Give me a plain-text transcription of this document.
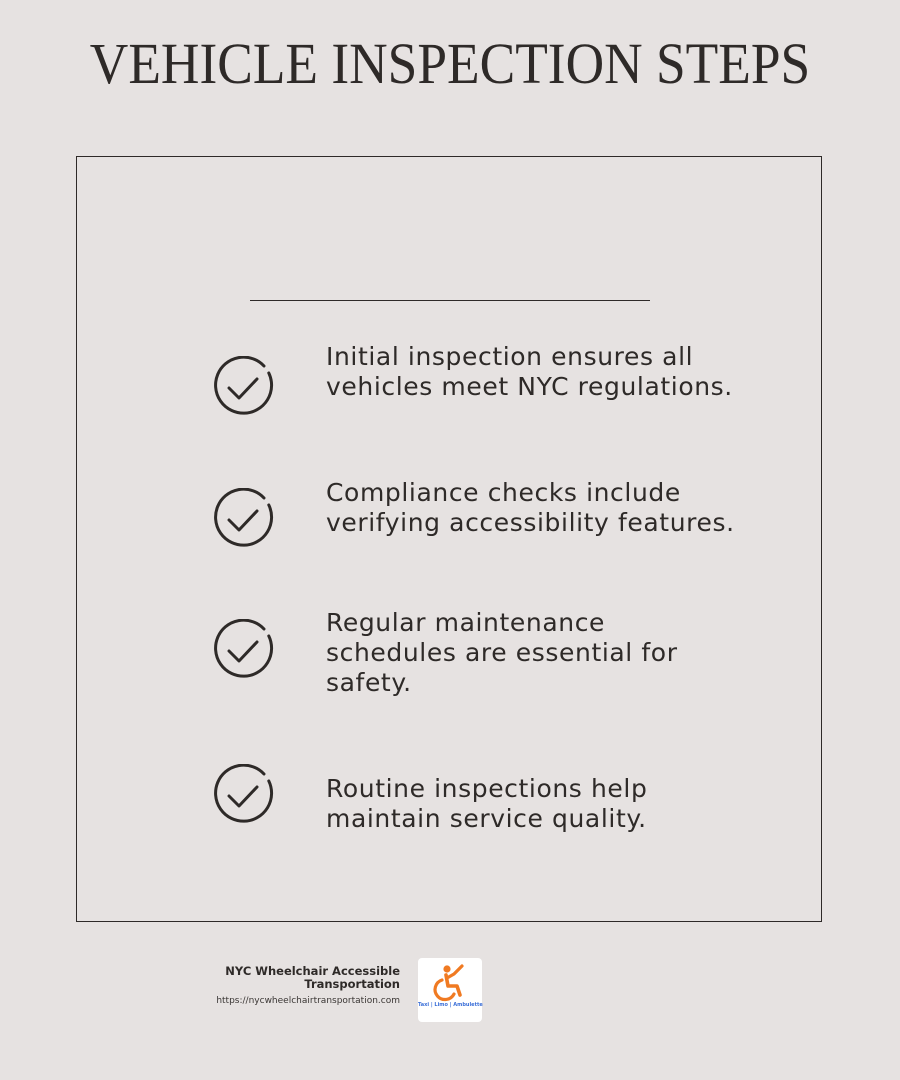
VEHICLE INSPECTION STEPS
Initial inspection ensures all vehicles meet NYC regulations.
Compliance checks include verifying accessibility features.
Regular maintenance schedules are essential for safety.
Routine inspections help maintain service quality.
NYC Wheelchair Accessible Transportation
https://nycwheelchairtransportation.com	Taxi | Limo | Ambulette
